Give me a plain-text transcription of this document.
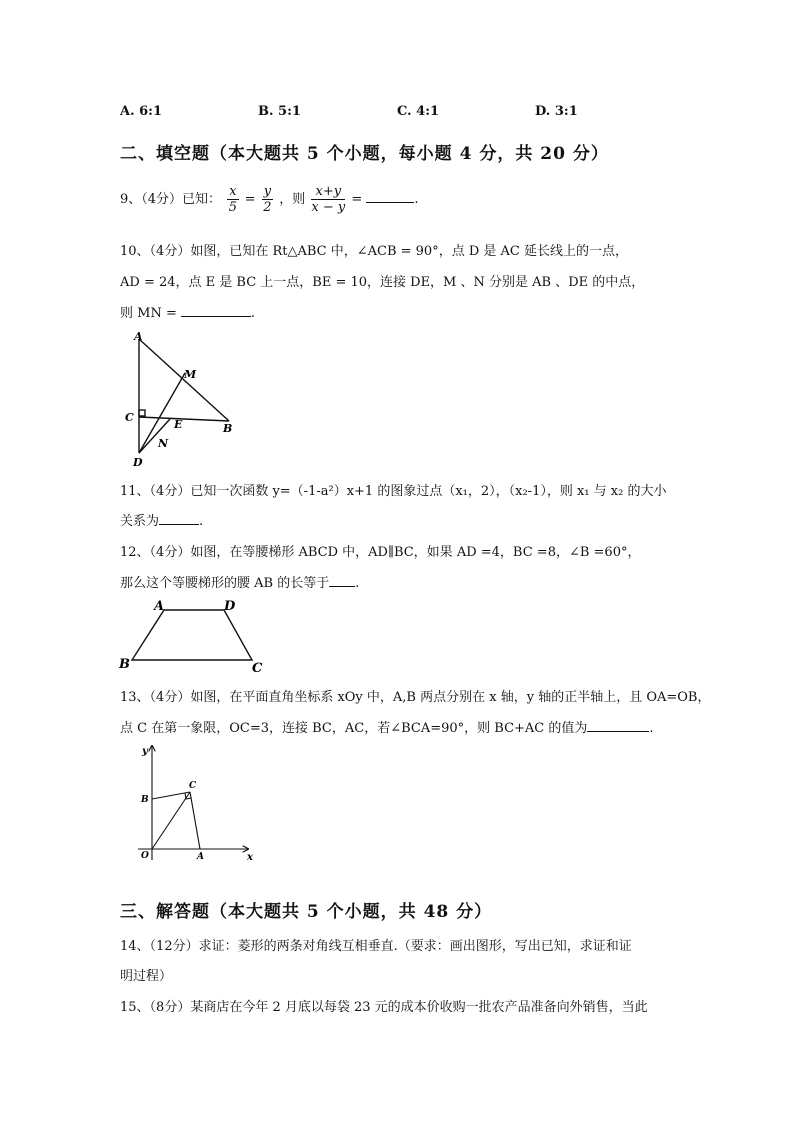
A. 6:1	B. 5:1	C. 4:1	D. 3:1
二、填空题（本大题共 5 个小题，每小题 4 分，共 20 分）
9、（4分）已知： $\frac{x}{5} = \frac{y}{2}$ ，则 $\frac{x+y}{x - y}$ =	.
10、（4分）如图，已知在 Rt△ABC 中，∠ACB = 90°，点 D 是 AC 延长线上的一点，
AD = 24，点 E 是 BC 上一点，BE = 10，连接 DE，M 、N 分别是 AB 、DE 的中点，
则 MN =	.
A
M
C
E	B
N
D
11、（4分）已知一次函数 y=（-1-a²）x+1 的图象过点（x₁，2），（x₂-1），则 x₁ 与 x₂ 的大小
关系为	.
12、（4分）如图，在等腰梯形 ABCD 中，AD∥BC，如果 AD =4，BC =8，∠B =60°，
那么这个等腰梯形的腰 AB 的长等于 .
A	D
B	C
13、（4分）如图，在平面直角坐标系 xOy 中，A,B 两点分别在 x 轴，y 轴的正半轴上，且 OA=OB，
点 C 在第一象限，OC=3，连接 BC，AC，若∠BCA=90°，则 BC+AC 的值为	.
y
x
O	A
B
C
三、解答题（本大题共 5 个小题，共 48 分）
14、（12分）求证：菱形的两条对角线互相垂直.（要求：画出图形，写出已知，求证和证
明过程）
15、（8分）某商店在今年 2 月底以每袋 23 元的成本价收购一批农产品准备向外销售，当此
